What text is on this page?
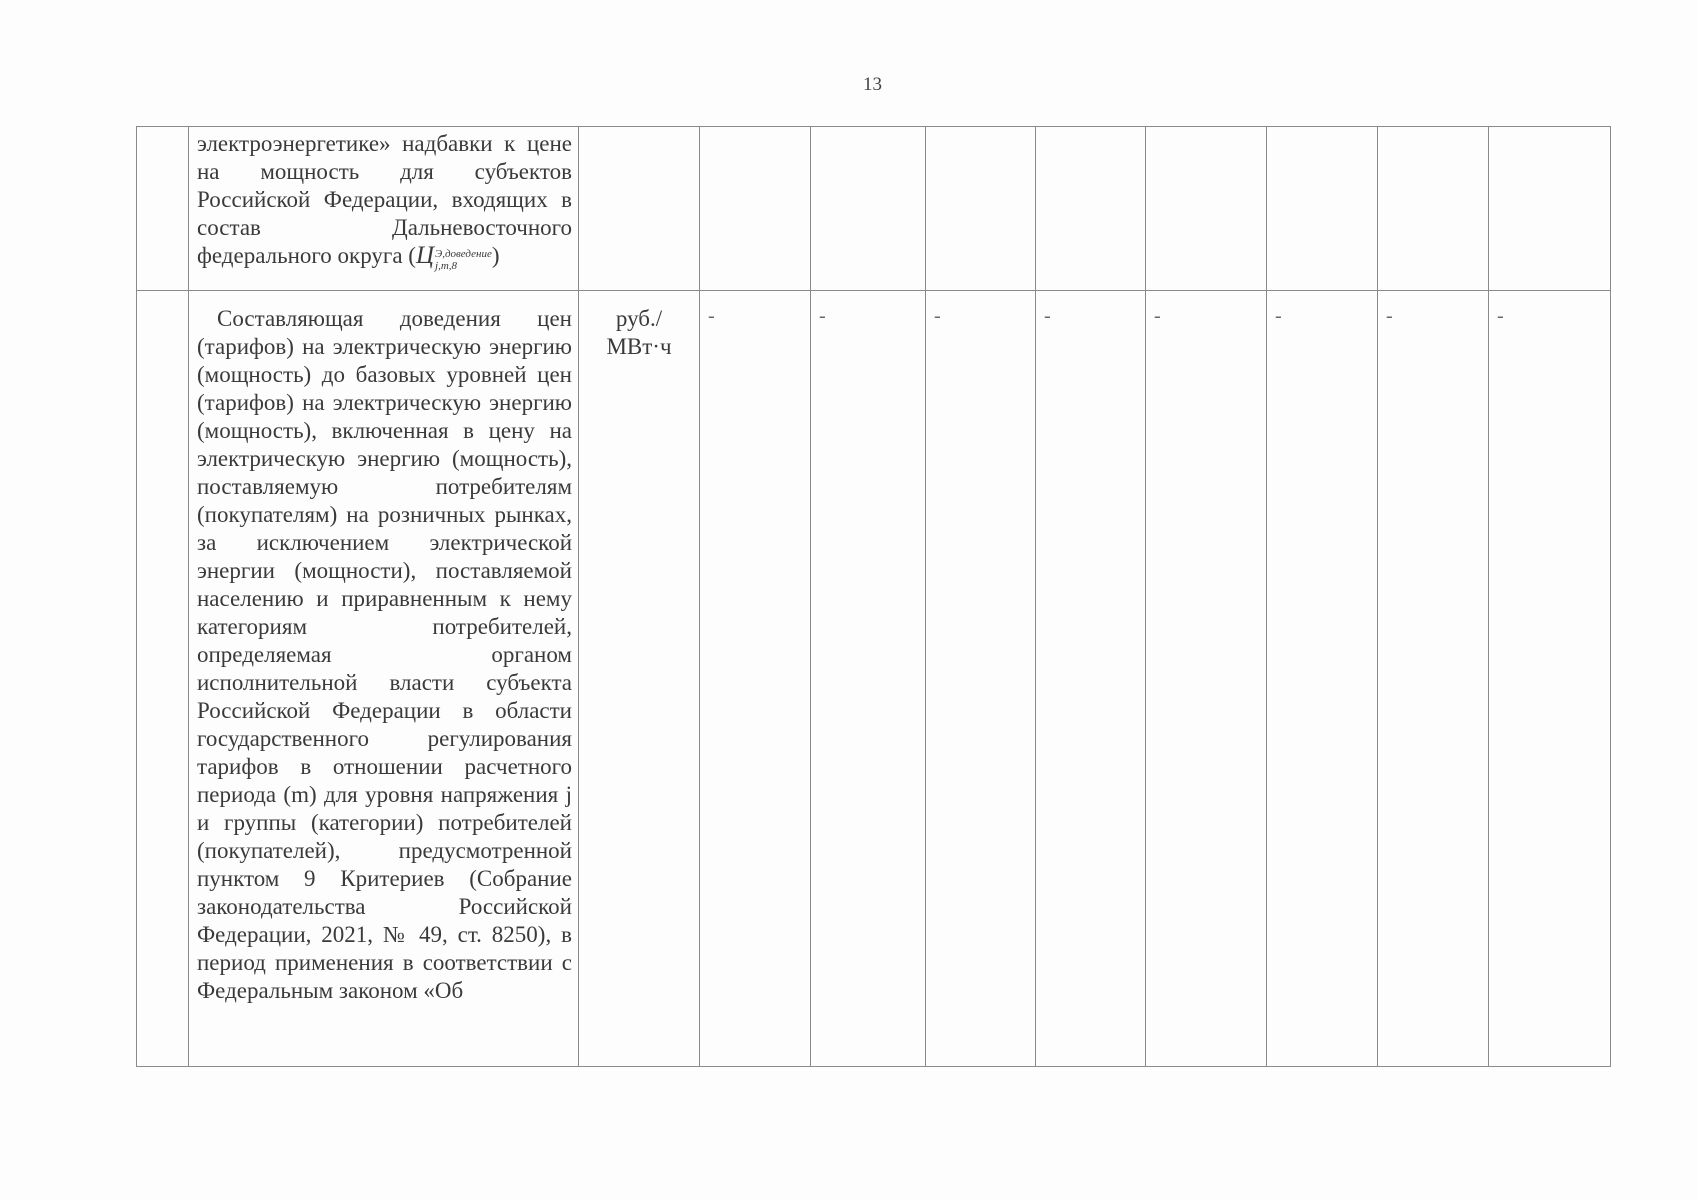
13

	электроэнергетике» надбавки к цене на мощность для субъектов Российской Федерации, входящих в состав Дальневосточного федерального округа (Ц Э,доведение
j,m,8 )									

	Составляющая доведения цен (тарифов) на электрическую энергию (мощность) до базовых уровней цен (тарифов) на электрическую энергию (мощность), включенная в цену на электрическую энергию (мощность), поставляемую потребителям (покупателям) на розничных рынках, за исключением электрической энергии (мощности), поставляемой населению и приравненным к нему категориям потребителей, определяемая органом исполнительной власти субъекта Российской Федерации в области государственного регулирования тарифов в отношении расчетного периода (m) для уровня напряжения j и группы (категории) потребителей (покупателей), предусмотренной пунктом 9 Критериев (Собрание законодательства Российской Федерации, 2021, № 49, ст. 8250), в период применения в соответствии с Федеральным законом «Об	руб./
МВт·ч	-	-	-	-	-	-	-	-
